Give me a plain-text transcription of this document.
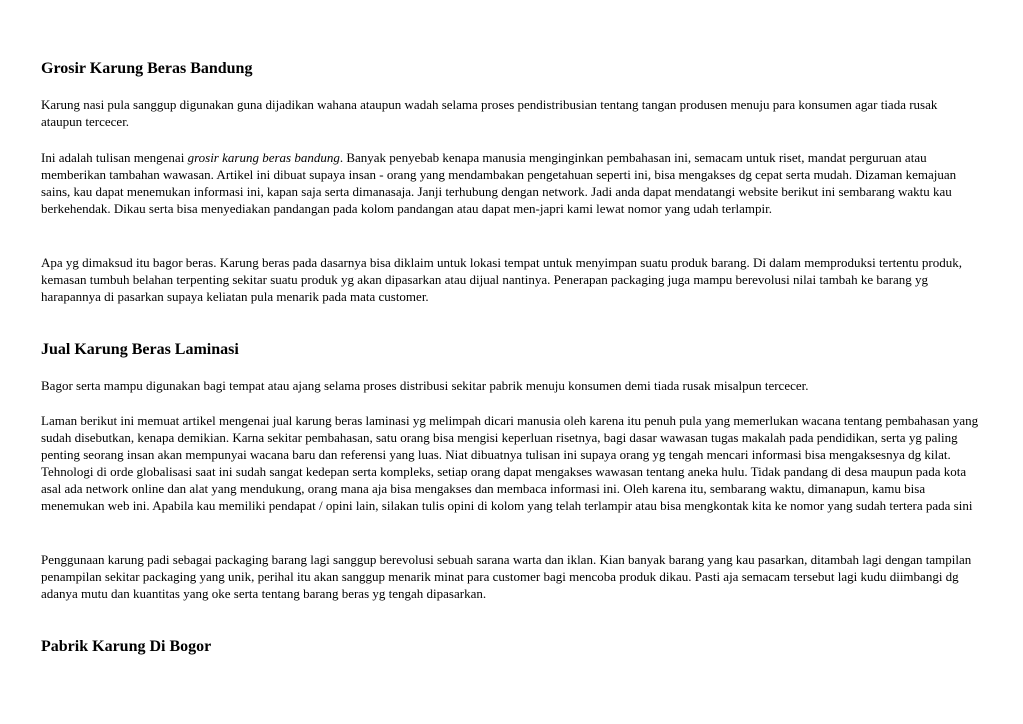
Grosir Karung Beras Bandung

Karung nasi pula sanggup digunakan guna dijadikan wahana ataupun wadah selama proses pendistribusian tentang tangan produsen menuju para konsumen agar tiada rusak ataupun tercecer.

Ini adalah tulisan mengenai grosir karung beras bandung. Banyak penyebab kenapa manusia menginginkan pembahasan ini, semacam untuk riset, mandat perguruan atau memberikan tambahan wawasan. Artikel ini dibuat supaya insan - orang yang mendambakan pengetahuan seperti ini, bisa mengakses dg cepat serta mudah. Dizaman kemajuan sains, kau dapat menemukan informasi ini, kapan saja serta dimanasaja. Janji terhubung dengan network. Jadi anda dapat mendatangi website berikut ini sembarang waktu kau berkehendak. Dikau serta bisa menyediakan pandangan pada kolom pandangan atau dapat men-japri kami lewat nomor yang udah terlampir.

Apa yg dimaksud itu bagor beras. Karung beras pada dasarnya bisa diklaim untuk lokasi tempat untuk menyimpan suatu produk barang. Di dalam memproduksi tertentu produk, kemasan tumbuh belahan terpenting sekitar suatu produk yg akan dipasarkan atau dijual nantinya. Penerapan packaging juga mampu berevolusi nilai tambah ke barang yg harapannya di pasarkan supaya keliatan pula menarik pada mata customer.

Jual Karung Beras Laminasi

Bagor serta mampu digunakan bagi tempat atau ajang selama proses distribusi sekitar pabrik menuju konsumen demi tiada rusak misalpun tercecer.

Laman berikut ini memuat artikel mengenai jual karung beras laminasi yg melimpah dicari manusia oleh karena itu penuh pula yang memerlukan wacana tentang pembahasan yang sudah disebutkan, kenapa demikian. Karna sekitar pembahasan, satu orang bisa mengisi keperluan risetnya, bagi dasar wawasan tugas makalah pada pendidikan, serta yg paling penting seorang insan akan mempunyai wacana baru dan referensi yang luas. Niat dibuatnya tulisan ini supaya orang yg tengah mencari informasi bisa mengaksesnya dg kilat. Tehnologi di orde globalisasi saat ini sudah sangat kedepan serta kompleks, setiap orang dapat mengakses wawasan tentang aneka hulu. Tidak pandang di desa maupun pada kota asal ada network online dan alat yang mendukung, orang mana aja bisa mengakses dan membaca informasi ini. Oleh karena itu, sembarang waktu, dimanapun, kamu bisa menemukan web ini. Apabila kau memiliki pendapat / opini lain, silakan tulis opini di kolom yang telah terlampir atau bisa mengkontak kita ke nomor yang sudah tertera pada sini

Penggunaan karung padi sebagai packaging barang lagi sanggup berevolusi sebuah sarana warta dan iklan. Kian banyak barang yang kau pasarkan, ditambah lagi dengan tampilan penampilan sekitar packaging yang unik, perihal itu akan sanggup menarik minat para customer bagi mencoba produk dikau. Pasti aja semacam tersebut lagi kudu diimbangi dg adanya mutu dan kuantitas yang oke serta tentang barang beras yg tengah dipasarkan.

Pabrik Karung Di Bogor
